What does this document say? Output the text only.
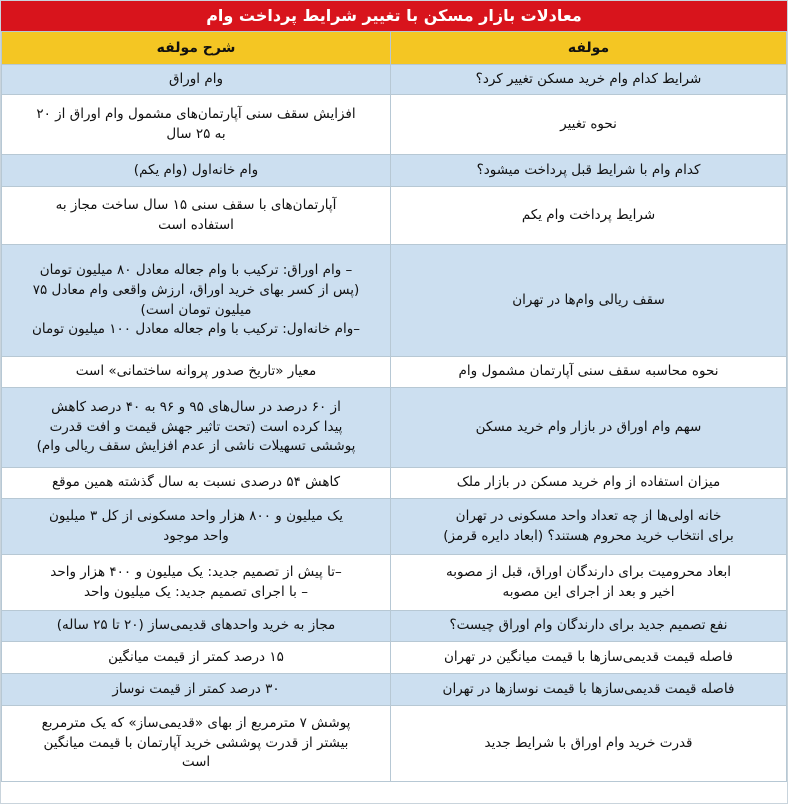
معادلات بازار مسکن با تغییر شرایط پرداخت وام
مولفه	شرح مولفه
شرایط کدام وام خرید مسکن تغییر کرد؟	وام اوراق
نحوه تغییر	افزایش سقف سنی آپارتمان‌های مشمول وام اوراق از ۲۰
به ۲۵ سال
کدام وام با شرایط قبل پرداخت میشود؟	وام خانه‌اول (وام یکم)
شرایط پرداخت وام یکم	آپارتمان‌های با سقف سنی ۱۵ سال ساخت مجاز به
استفاده است
سقف ریالی وام‌ها در تهران	– وام اوراق: ترکیب با وام جعاله معادل ۸۰ میلیون تومان
(پس از کسر بهای خرید اوراق، ارزش واقعی وام معادل ۷۵
میلیون تومان است)
–وام خانه‌اول: ترکیب با وام جعاله معادل ۱۰۰ میلیون تومان
نحوه محاسبه سقف سنی آپارتمان مشمول وام	معیار «تاریخ صدور پروانه ساختمانی» است
سهم وام اوراق در بازار وام خرید مسکن	از ۶۰ درصد در سال‌های ۹۵ و ۹۶ به ۴۰ درصد کاهش
پیدا کرده است (تحت تاثیر جهش قیمت و افت قدرت
پوششی تسهیلات ناشی از عدم افزایش سقف ریالی وام)
میزان استفاده از وام خرید مسکن در بازار ملک	کاهش ۵۴ درصدی نسبت به سال گذشته همین موقع
خانه اولی‌ها از چه تعداد واحد مسکونی در تهران
برای انتخاب خرید محروم هستند؟ (ابعاد دایره قرمز)	یک میلیون و ۸۰۰ هزار واحد مسکونی از کل ۳ میلیون
واحد موجود
ابعاد محرومیت برای دارندگان اوراق، قبل از مصوبه
اخیر و بعد از اجرای این مصوبه	–تا پیش از تصمیم جدید: یک میلیون و ۴۰۰ هزار واحد
– با اجرای تصمیم جدید: یک میلیون واحد
نفع تصمیم جدید برای دارندگان وام اوراق چیست؟	مجاز به خرید واحدهای قدیمی‌ساز (۲۰ تا ۲۵ ساله)
فاصله قیمت قدیمی‌سازها با قیمت میانگین در تهران	۱۵ درصد کمتر از قیمت میانگین
فاصله قیمت قدیمی‌سازها با قیمت نوسازها در تهران	۳۰ درصد کمتر از قیمت نوساز
قدرت خرید وام اوراق با شرایط جدید	پوشش ۷ مترمربع از بهای «قدیمی‌ساز» که یک مترمربع
بیشتر از قدرت پوششی خرید آپارتمان با قیمت میانگین
است
